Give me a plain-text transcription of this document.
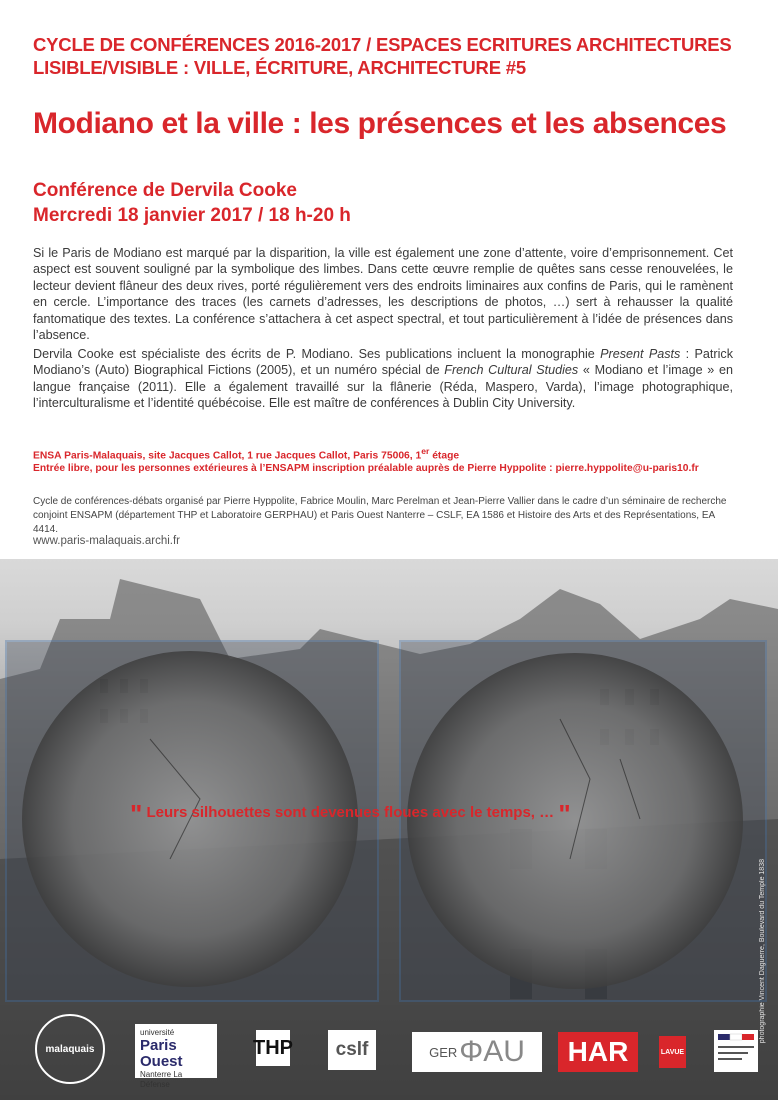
CYCLE DE CONFÉRENCES 2016-2017 / ESPACES ECRITURES ARCHITECTURES
LISIBLE/VISIBLE : VILLE, ÉCRITURE, ARCHITECTURE #5
Modiano et la ville : les présences et les absences
Conférence de Dervila Cooke
Mercredi 18 janvier 2017 / 18 h-20 h

Si le Paris de Modiano est marqué par la disparition, la ville est également une zone d’attente, voire d’emprisonnement. Cet aspect est souvent souligné par la symbolique des limbes. Dans cette œuvre remplie de quêtes sans cesse renouvelées, le lecteur devient flâneur des deux rives, porté régulièrement vers des endroits liminaires aux confins de Paris, qui le ramènent en cercle. L’importance des traces (les carnets d’adresses, les descriptions de photos, …) sert à rehausser la qualité fantomatique des textes. La conférence s’attachera à cet aspect spectral, et tout particulièrement à l’idée de présences dans l’absence.

Dervila Cooke est spécialiste des écrits de P. Modiano. Ses publications incluent la monographie Present Pasts : Patrick Modiano’s (Auto) Biographical Fictions (2005), et un numéro spécial de French Cultural Studies « Modiano et l’image » en langue française (2011). Elle a également travaillé sur la flânerie (Réda, Maspero, Varda), l’image photographique, l’interculturalisme et l’identité québécoise. Elle est maître de conférences à Dublin City University.

ENSA Paris-Malaquais, site Jacques Callot, 1 rue Jacques Callot, Paris 75006, 1er étage
Entrée libre, pour les personnes extérieures à l’ENSAPM inscription préalable auprès de Pierre Hyppolite : pierre.hyppolite@u-paris10.fr

Cycle de conférences-débats organisé par Pierre Hyppolite, Fabrice Moulin, Marc Perelman et Jean-Pierre Vallier dans le cadre d’un séminaire de recherche conjoint ENSAPM (département THP et Laboratoire GERPHAU) et Paris Ouest Nanterre – CSLF, EA 1586 et Histoire des Arts et des Représentations, EA 4414.

www.paris-malaquais.archi.fr
" Leurs silhouettes sont devenues floues avec le temps, … "
photographie Vincent Daguerre, Boulevard du Temple 1838
malaquais
université
Paris Ouest
Nanterre La Défense
THP cslf	GER ΦAU HAR	LAVUE
